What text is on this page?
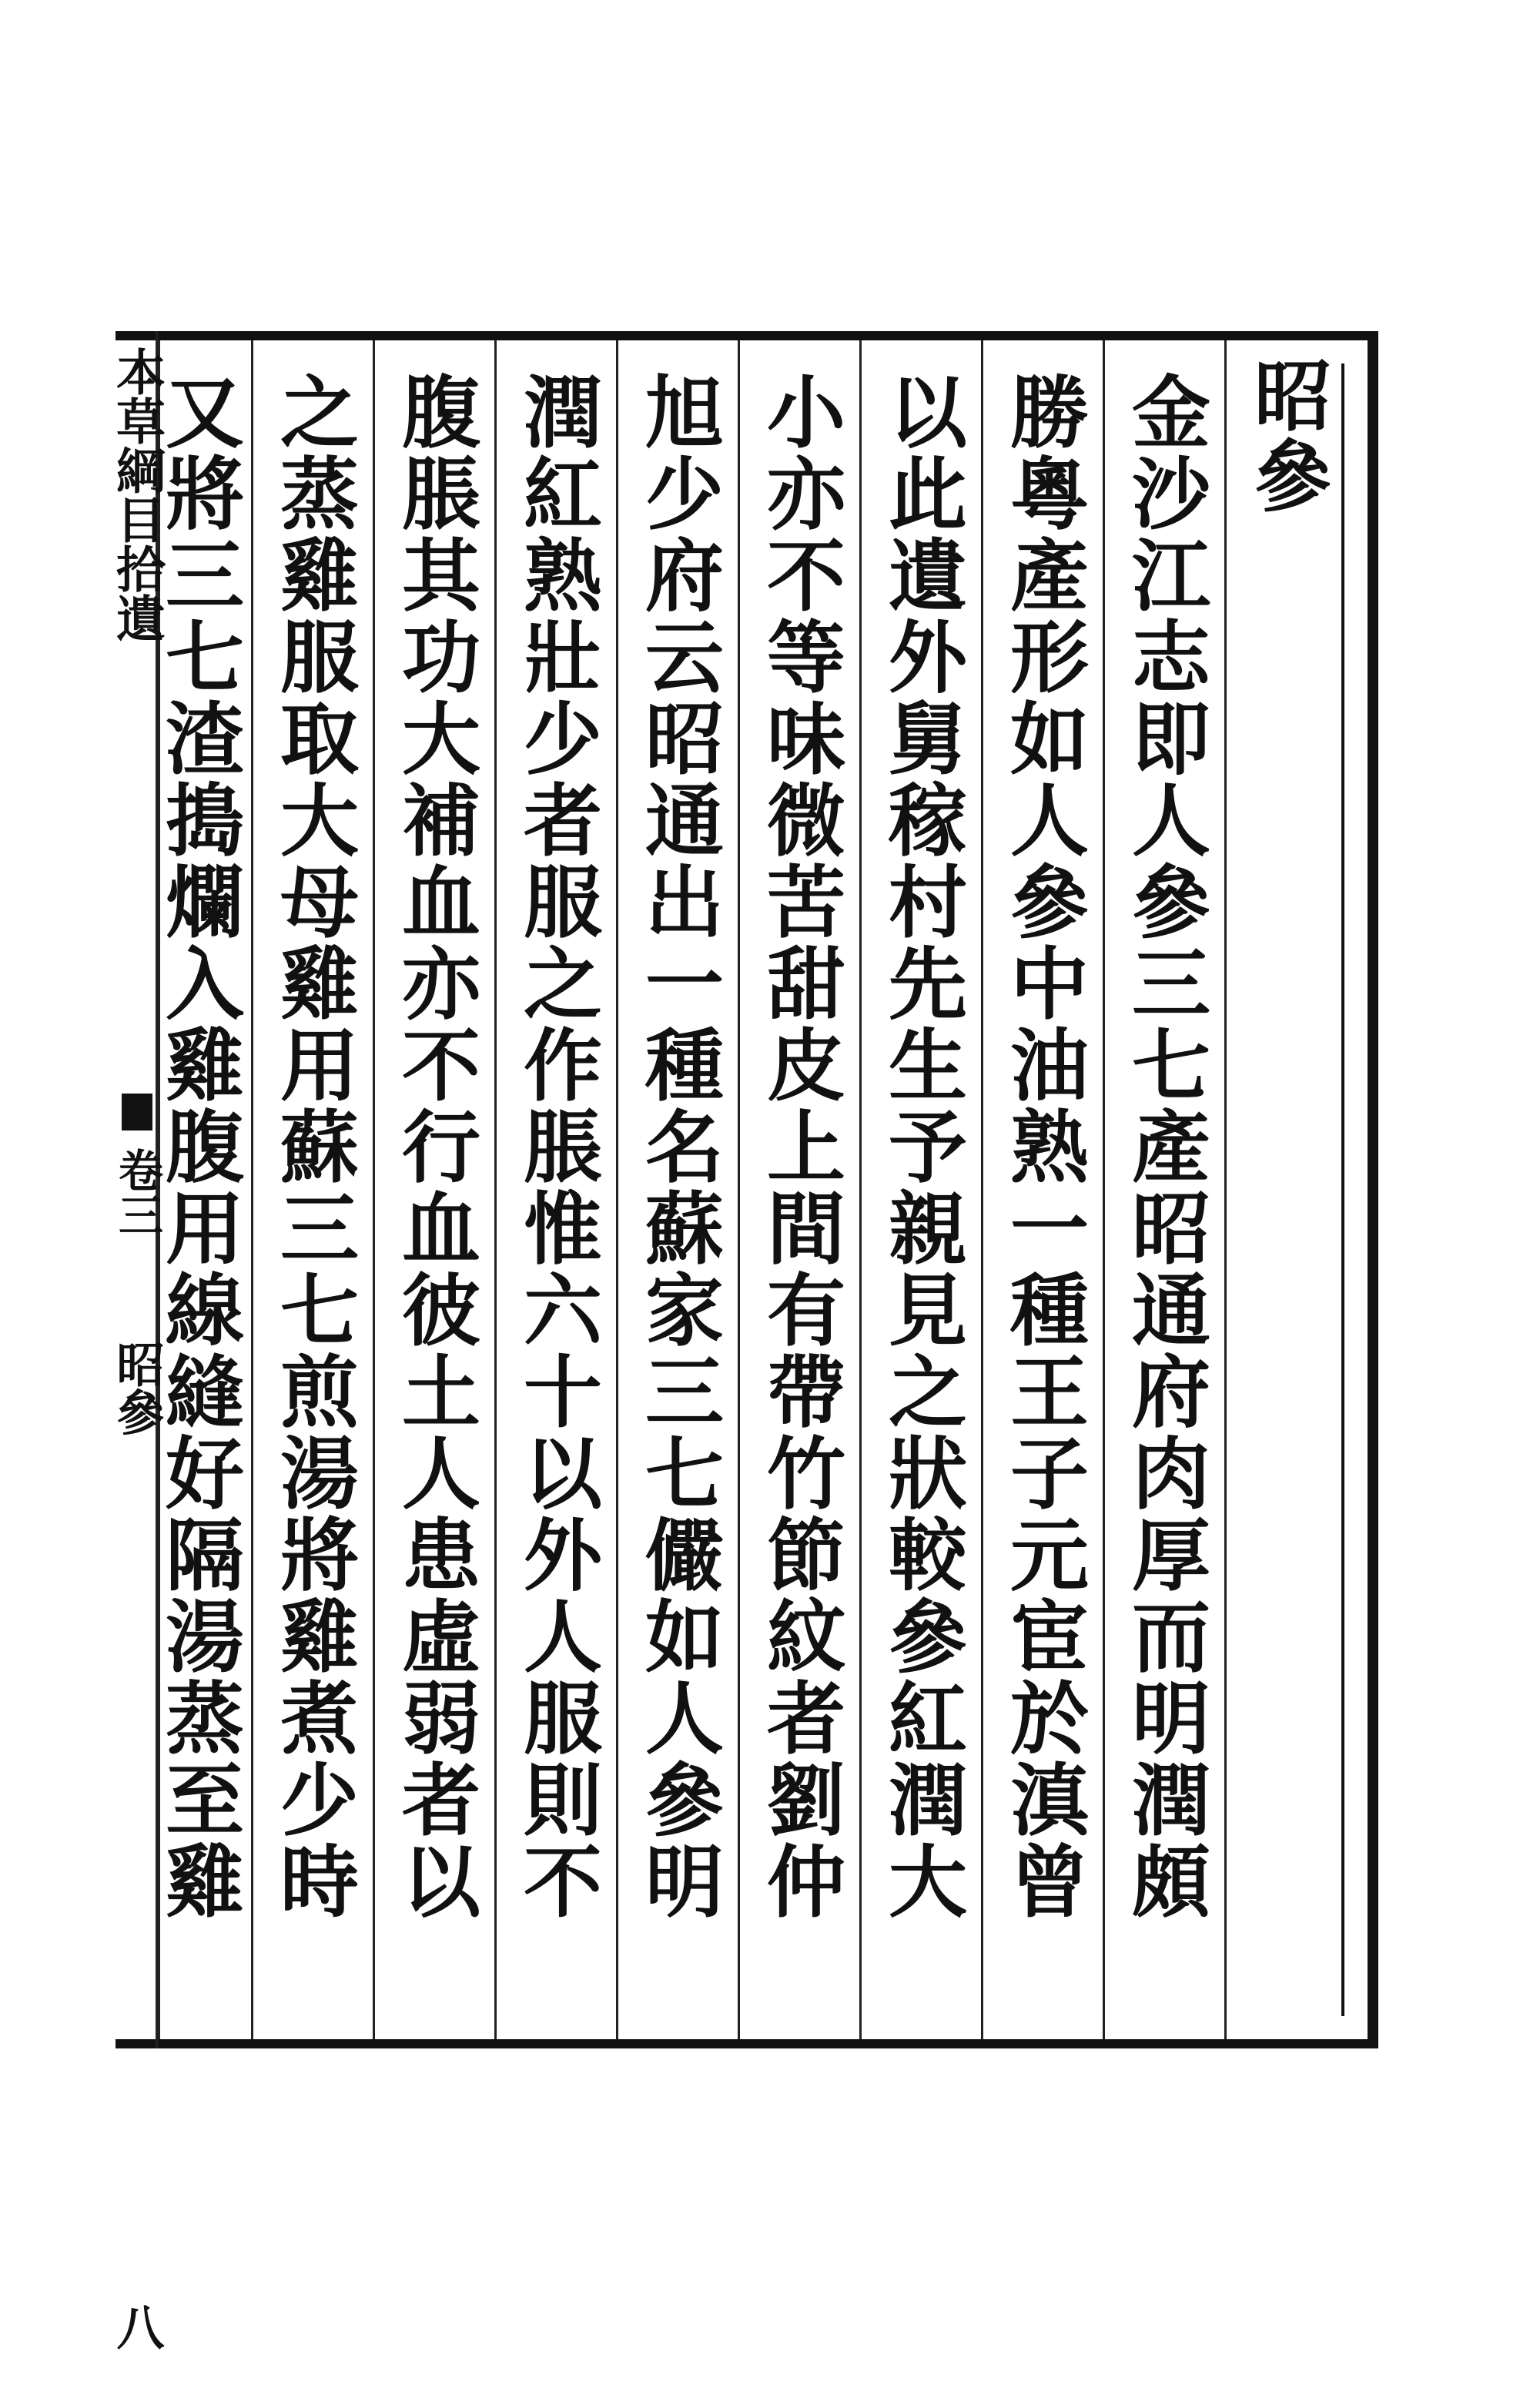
昭參
金沙江志即人參三七產昭通府肉厚而明潤頗
勝粵產形如人參中油熟一種王子元宦於滇曾
以此遺外舅稼村先生予親見之狀較參紅潤大
小亦不等味微苦甜皮上間有帶竹節紋者劉仲
旭少府云昭通出一種名蘇家三七儼如人參明
潤紅熟壯少者服之作脹惟六十以外人服則不
腹脹其功大補血亦不行血彼土人患虛弱者以
之蒸雞服取大母雞用蘇三七煎湯將雞煮少時
又將三七渣搗爛入雞腹用線縫好隔湯蒸至雞
本草綱目拾遺
卷三
昭參
八
